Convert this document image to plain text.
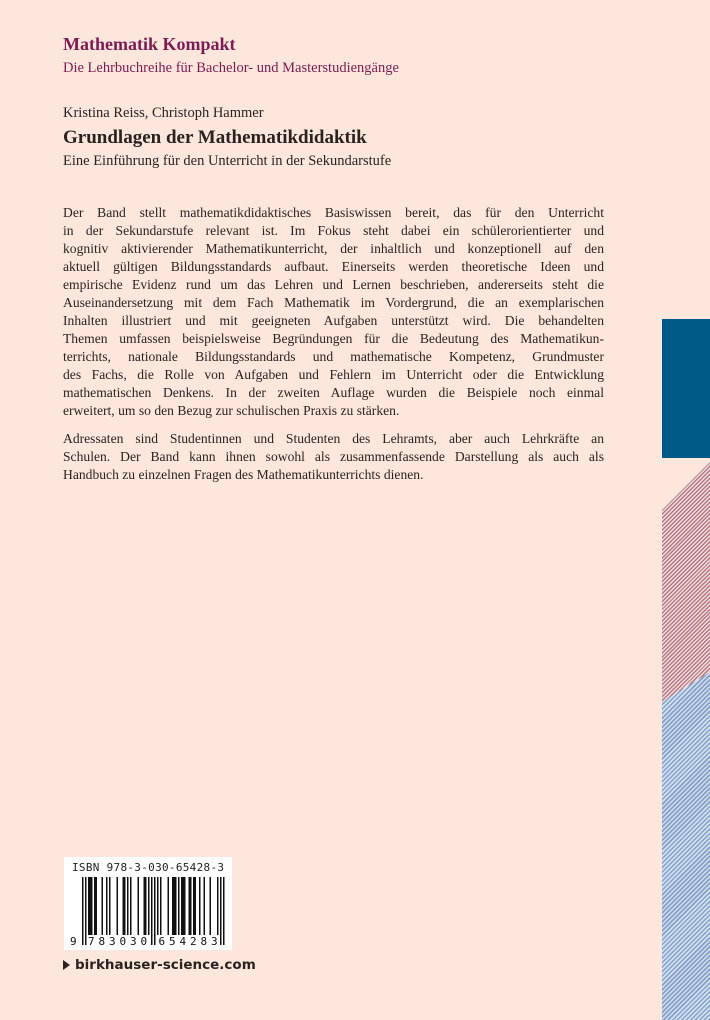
Mathematik Kompakt
Die Lehrbuchreihe für Bachelor- und Masterstudiengänge
Kristina Reiss, Christoph Hammer
Grundlagen der Mathematikdidaktik
Eine Einführung für den Unterricht in der Sekundarstufe
Der Band stellt mathematikdidaktisches Basiswissen bereit, das für den Unterricht
in der Sekundarstufe relevant ist. Im Fokus steht dabei ein schülerorientierter und
kognitiv aktivierender Mathematikunterricht, der inhaltlich und konzeptionell auf den
aktuell gültigen Bildungsstandards aufbaut. Einerseits werden theoretische Ideen und
empirische Evidenz rund um das Lehren und Lernen beschrieben, andererseits steht die
Auseinandersetzung mit dem Fach Mathematik im Vordergrund, die an exemplarischen
Inhalten illustriert und mit geeigneten Aufgaben unterstützt wird. Die behandelten
Themen umfassen beispielsweise Begründungen für die Bedeutung des Mathematikun-
terrichts, nationale Bildungsstandards und mathematische Kompetenz, Grundmuster
des Fachs, die Rolle von Aufgaben und Fehlern im Unterricht oder die Entwicklung
mathematischen Denkens. In der zweiten Auflage wurden die Beispiele noch einmal
erweitert, um so den Bezug zur schulischen Praxis zu stärken.
Adressaten sind Studentinnen und Studenten des Lehramts, aber auch Lehrkräfte an
Schulen. Der Band kann ihnen sowohl als zusammenfassende Darstellung als auch als
Handbuch zu einzelnen Fragen des Mathematikunterrichts dienen.
9 7 8 3 0 3 0 6 5 4 2 8 3
ISBN 978-3-030-65428-3
birkhauser-science.com
